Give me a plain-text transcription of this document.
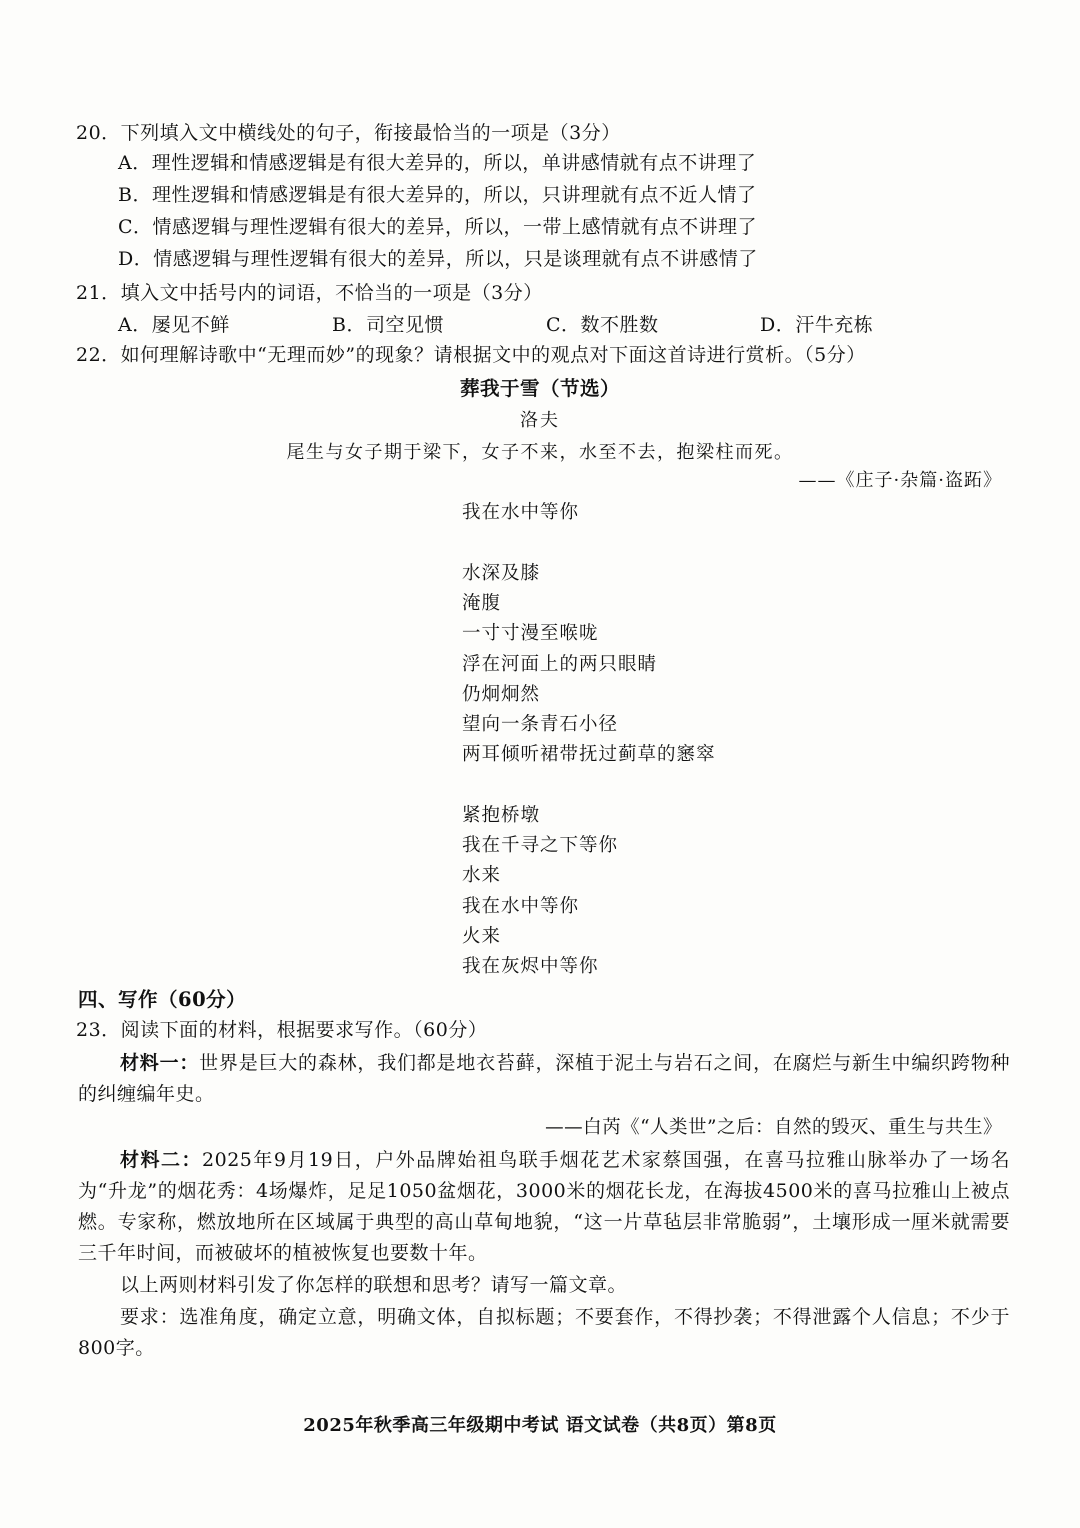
20．下列填入文中横线处的句子，衔接最恰当的一项是（3分）
A．理性逻辑和情感逻辑是有很大差异的，所以，单讲感情就有点不讲理了
B．理性逻辑和情感逻辑是有很大差异的，所以，只讲理就有点不近人情了
C．情感逻辑与理性逻辑有很大的差异，所以，一带上感情就有点不讲理了
D．情感逻辑与理性逻辑有很大的差异，所以，只是谈理就有点不讲感情了
21．填入文中括号内的词语，不恰当的一项是（3分）
A．屡见不鲜	B．司空见惯	C．数不胜数	D．汗牛充栋
22．如何理解诗歌中“无理而妙”的现象？请根据文中的观点对下面这首诗进行赏析。（5分）
葬我于雪（节选）
洛夫
尾生与女子期于梁下，女子不来，水至不去，抱梁柱而死。
——《庄子·杂篇·盗跖》
我在水中等你
水深及膝
淹腹
一寸寸漫至喉咙
浮在河面上的两只眼睛
仍炯炯然
望向一条青石小径
两耳倾听裙带抚过蓟草的窸窣
紧抱桥墩
我在千寻之下等你
水来
我在水中等你
火来
我在灰烬中等你
四、写作（60分）
23．阅读下面的材料，根据要求写作。（60分）
材料一：世界是巨大的森林，我们都是地衣苔藓，深植于泥土与岩石之间，在腐烂与新生中编织跨物种的纠缠编年史。
——白芮《“人类世”之后：自然的毁灭、重生与共生》
材料二：2025年9月19日，户外品牌始祖鸟联手烟花艺术家蔡国强，在喜马拉雅山脉举办了一场名为“升龙”的烟花秀：4场爆炸，足足1050盆烟花，3000米的烟花长龙，在海拔4500米的喜马拉雅山上被点燃。专家称，燃放地所在区域属于典型的高山草甸地貌，“这一片草毡层非常脆弱”，土壤形成一厘米就需要三千年时间，而被破坏的植被恢复也要数十年。
以上两则材料引发了你怎样的联想和思考？请写一篇文章。
要求：选准角度，确定立意，明确文体，自拟标题；不要套作，不得抄袭；不得泄露个人信息；不少于800字。
2025年秋季高三年级期中考试 语文试卷（共8页）第8页
